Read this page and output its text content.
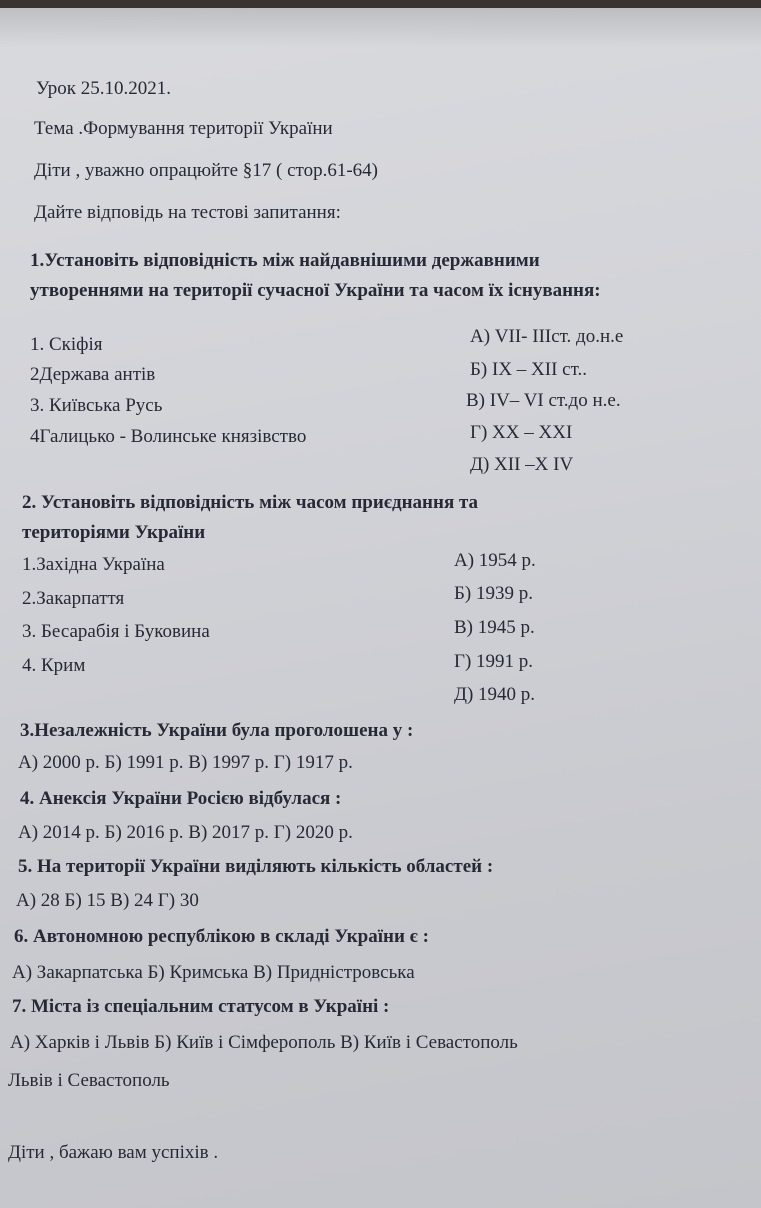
Урок 25.10.2021.
Тема .Формування території України
Діти , уважно опрацюйте §17 ( стор.61-64)
Дайте відповідь на тестові запитання:
1.Установіть відповідність між найдавнішими державними
утвореннями на території сучасної України та часом їх існування:
1. Скіфія
2Держава антів
3. Київська Русь
4Галицько - Волинське князівство
А) VII- IIIст. до.н.е
Б) IX – XII ст..
В) IV– VI ст.до н.е.
Г) XX – XXI
Д) XII –X IV
2. Установіть відповідність між часом приєднання та
територіями України
1.Західна Україна
2.Закарпаття
3. Бесарабія і Буковина
4. Крим
А) 1954 р.
Б) 1939 р.
В) 1945 р.
Г) 1991 р.
Д) 1940 р.
3.Незалежність України була проголошена у :
А) 2000 р. Б) 1991 р. В) 1997 р. Г) 1917 р.
4. Анексія України Росією відбулася :
А) 2014 р. Б) 2016 р. В) 2017 р. Г) 2020 р.
5. На території України виділяють кількість областей :
А) 28 Б) 15 В) 24 Г) 30
6. Автономною республікою в складі України є :
А) Закарпатська Б) Кримська В) Придністровська
7. Міста із спеціальним статусом в Україні :
А) Харків і Львів Б) Київ і Сімферополь В) Київ і Севастополь
Львів і Севастополь
Діти , бажаю вам успіхів .
